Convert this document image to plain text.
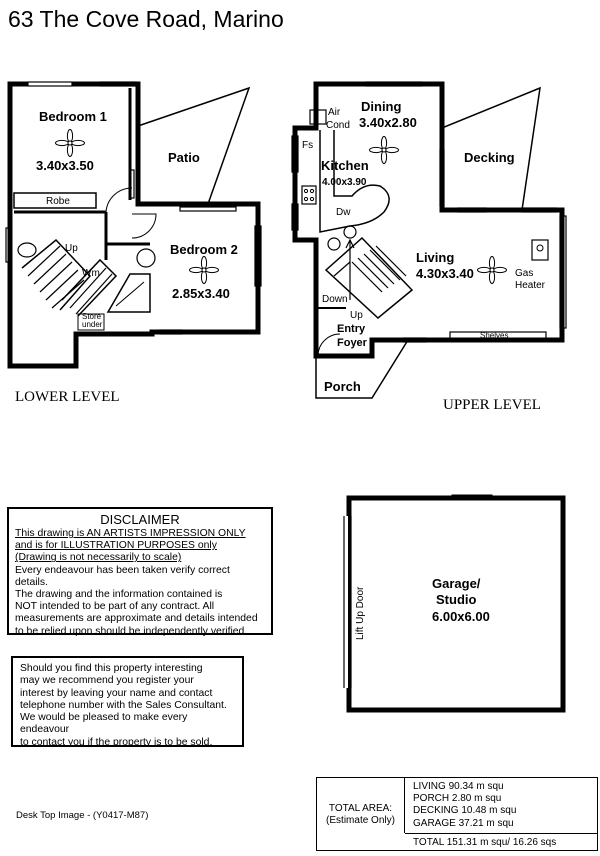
63 The Cove Road, Marino
Bedroom 1
3.40x3.50
Patio
Robe
Up
Wm
Store
under
Bedroom 2
2.85x3.40
LOWER LEVEL
Air
Cond
Fs
Dining
3.40x2.80
Kitchen
4.00x3.90
Dw
Decking
Living
4.30x3.40	Gas
Heater
Down
Up
Entry
Foyer
Porch
Shelves
UPPER LEVEL
Garage/
Studio
6.00x6.00
Lift Up Door
DISCLAIMER
This drawing is AN ARTISTS IMPRESSION ONLY
and is for ILLUSTRATION PURPOSES only
(Drawing is not necessarily to scale)
Every endeavour has been taken verify correct details.
The drawing and the information contained is
NOT intended to be part of any contract. All
measurements are approximate and details intended
to be relied upon should be independently verified.
Should you find this property interesting
may we recommend you register your
interest by leaving your name and contact
telephone number with the Sales Consultant.
We would be pleased to make every endeavour
to contact you if the property is to be sold.
Desk Top Image - (Y0417-M87)
TOTAL AREA:
(Estimate Only)
LIVING 90.34 m squ
PORCH 2.80 m squ
DECKING 10.48 m squ
GARAGE 37.21 m squ
TOTAL 151.31 m squ/ 16.26 sqs
